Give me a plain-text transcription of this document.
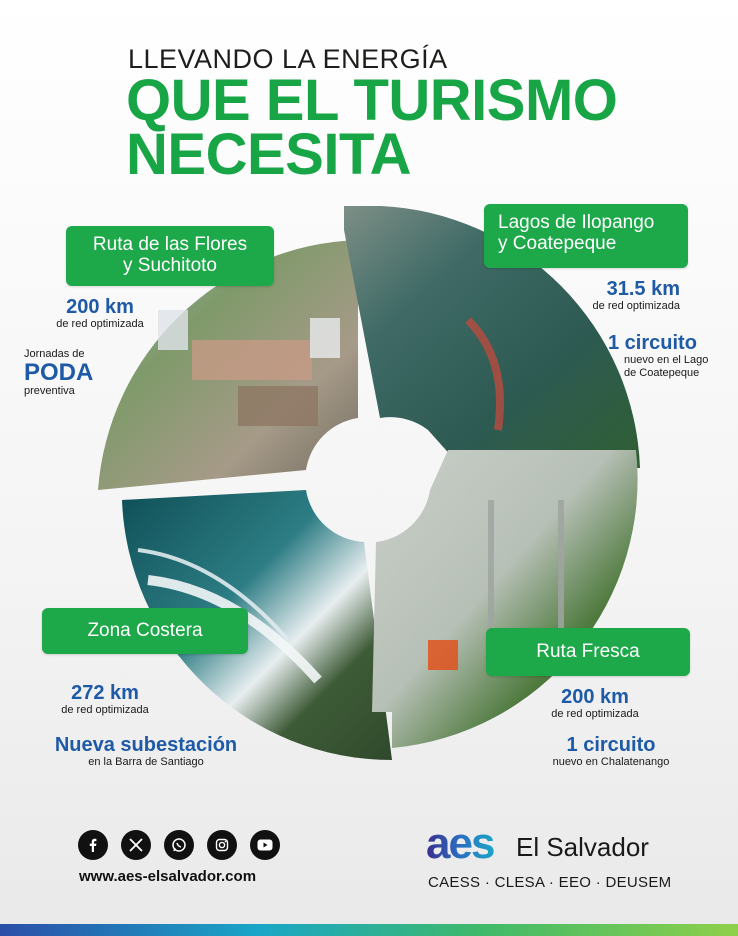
LLEVANDO LA ENERGÍA
QUE EL TURISMO
NECESITA
Ruta de las Flores
y Suchitoto
Lagos de Ilopango
y Coatepeque
Zona Costera
Ruta Fresca
200 km
de red optimizada
Jornadas de
PODA
preventiva
31.5 km
de red optimizada
1 circuito
nuevo en el Lago
de Coatepeque
272 km
de red optimizada
Nueva subestación
en la Barra de Santiago
200 km
de red optimizada
1 circuito
nuevo en Chalatenango
www.aes-elsalvador.com
aes El Salvador
CAESS · CLESA · EEO · DEUSEM
